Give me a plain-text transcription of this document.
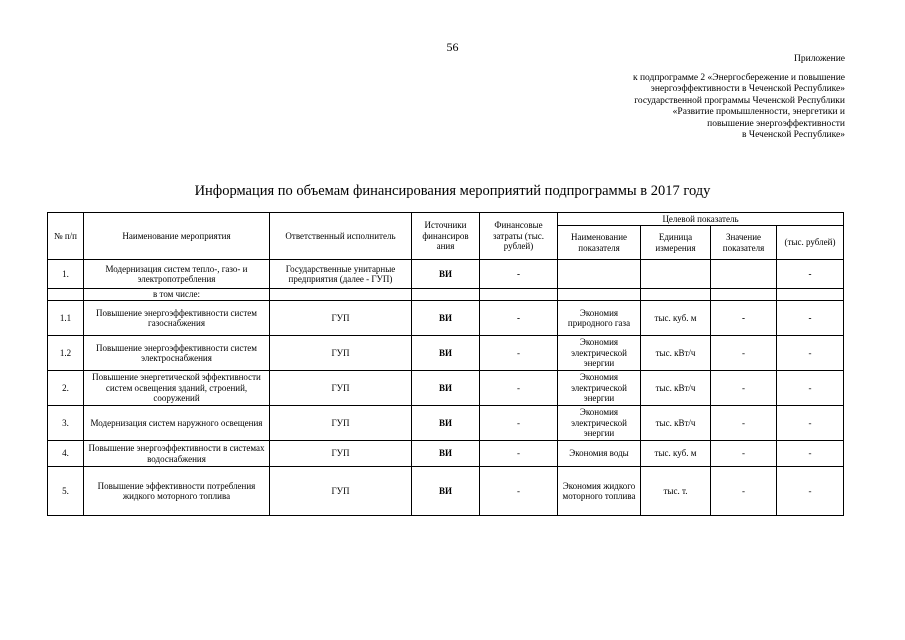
56
Приложение
к подпрограмме 2 «Энергосбережение и повышение
энергоэффективности в Чеченской Республике»
государственной программы Чеченской Республики
«Развитие промышленности, энергетики и
повышение энергоэффективности
в Чеченской Республике»
Информация по объемам финансирования мероприятий подпрограммы в 2017 году
№ п/п	Наименование мероприятия	Ответственный исполнитель	Источники финансиров ания	Финансовые затраты (тыс. рублей)	Целевой показатель			
					Наименование показателя	Единица измерения	Значение показателя	(тыс. рублей)
1.	Модернизация систем тепло-, газо- и электропотребления	Государственные унитарные предприятия (далее - ГУП)	ВИ	-				-
	в том числе:							
1.1	Повышение энергоэффективности систем газоснабжения	ГУП	ВИ	-	Экономия природного газа	тыс. куб. м	-	-
1.2	Повышение энергоэффективности систем электроснабжения	ГУП	ВИ	-	Экономия электрической энергии	тыс. кВт/ч	-	-
2.	Повышение энергетической эффективности систем освещения зданий, строений, сооружений	ГУП	ВИ	-	Экономия электрической энергии	тыс. кВт/ч	-	-
3.	Модернизация систем наружного освещения	ГУП	ВИ	-	Экономия электрической энергии	тыс. кВт/ч	-	-
4.	Повышение энергоэффективности в системах водоснабжения	ГУП	ВИ	-	Экономия воды	тыс. куб. м	-	-
5.	Повышение эффективности потребления жидкого моторного топлива	ГУП	ВИ	-	Экономия жидкого моторного топлива	тыс. т.	-	-
